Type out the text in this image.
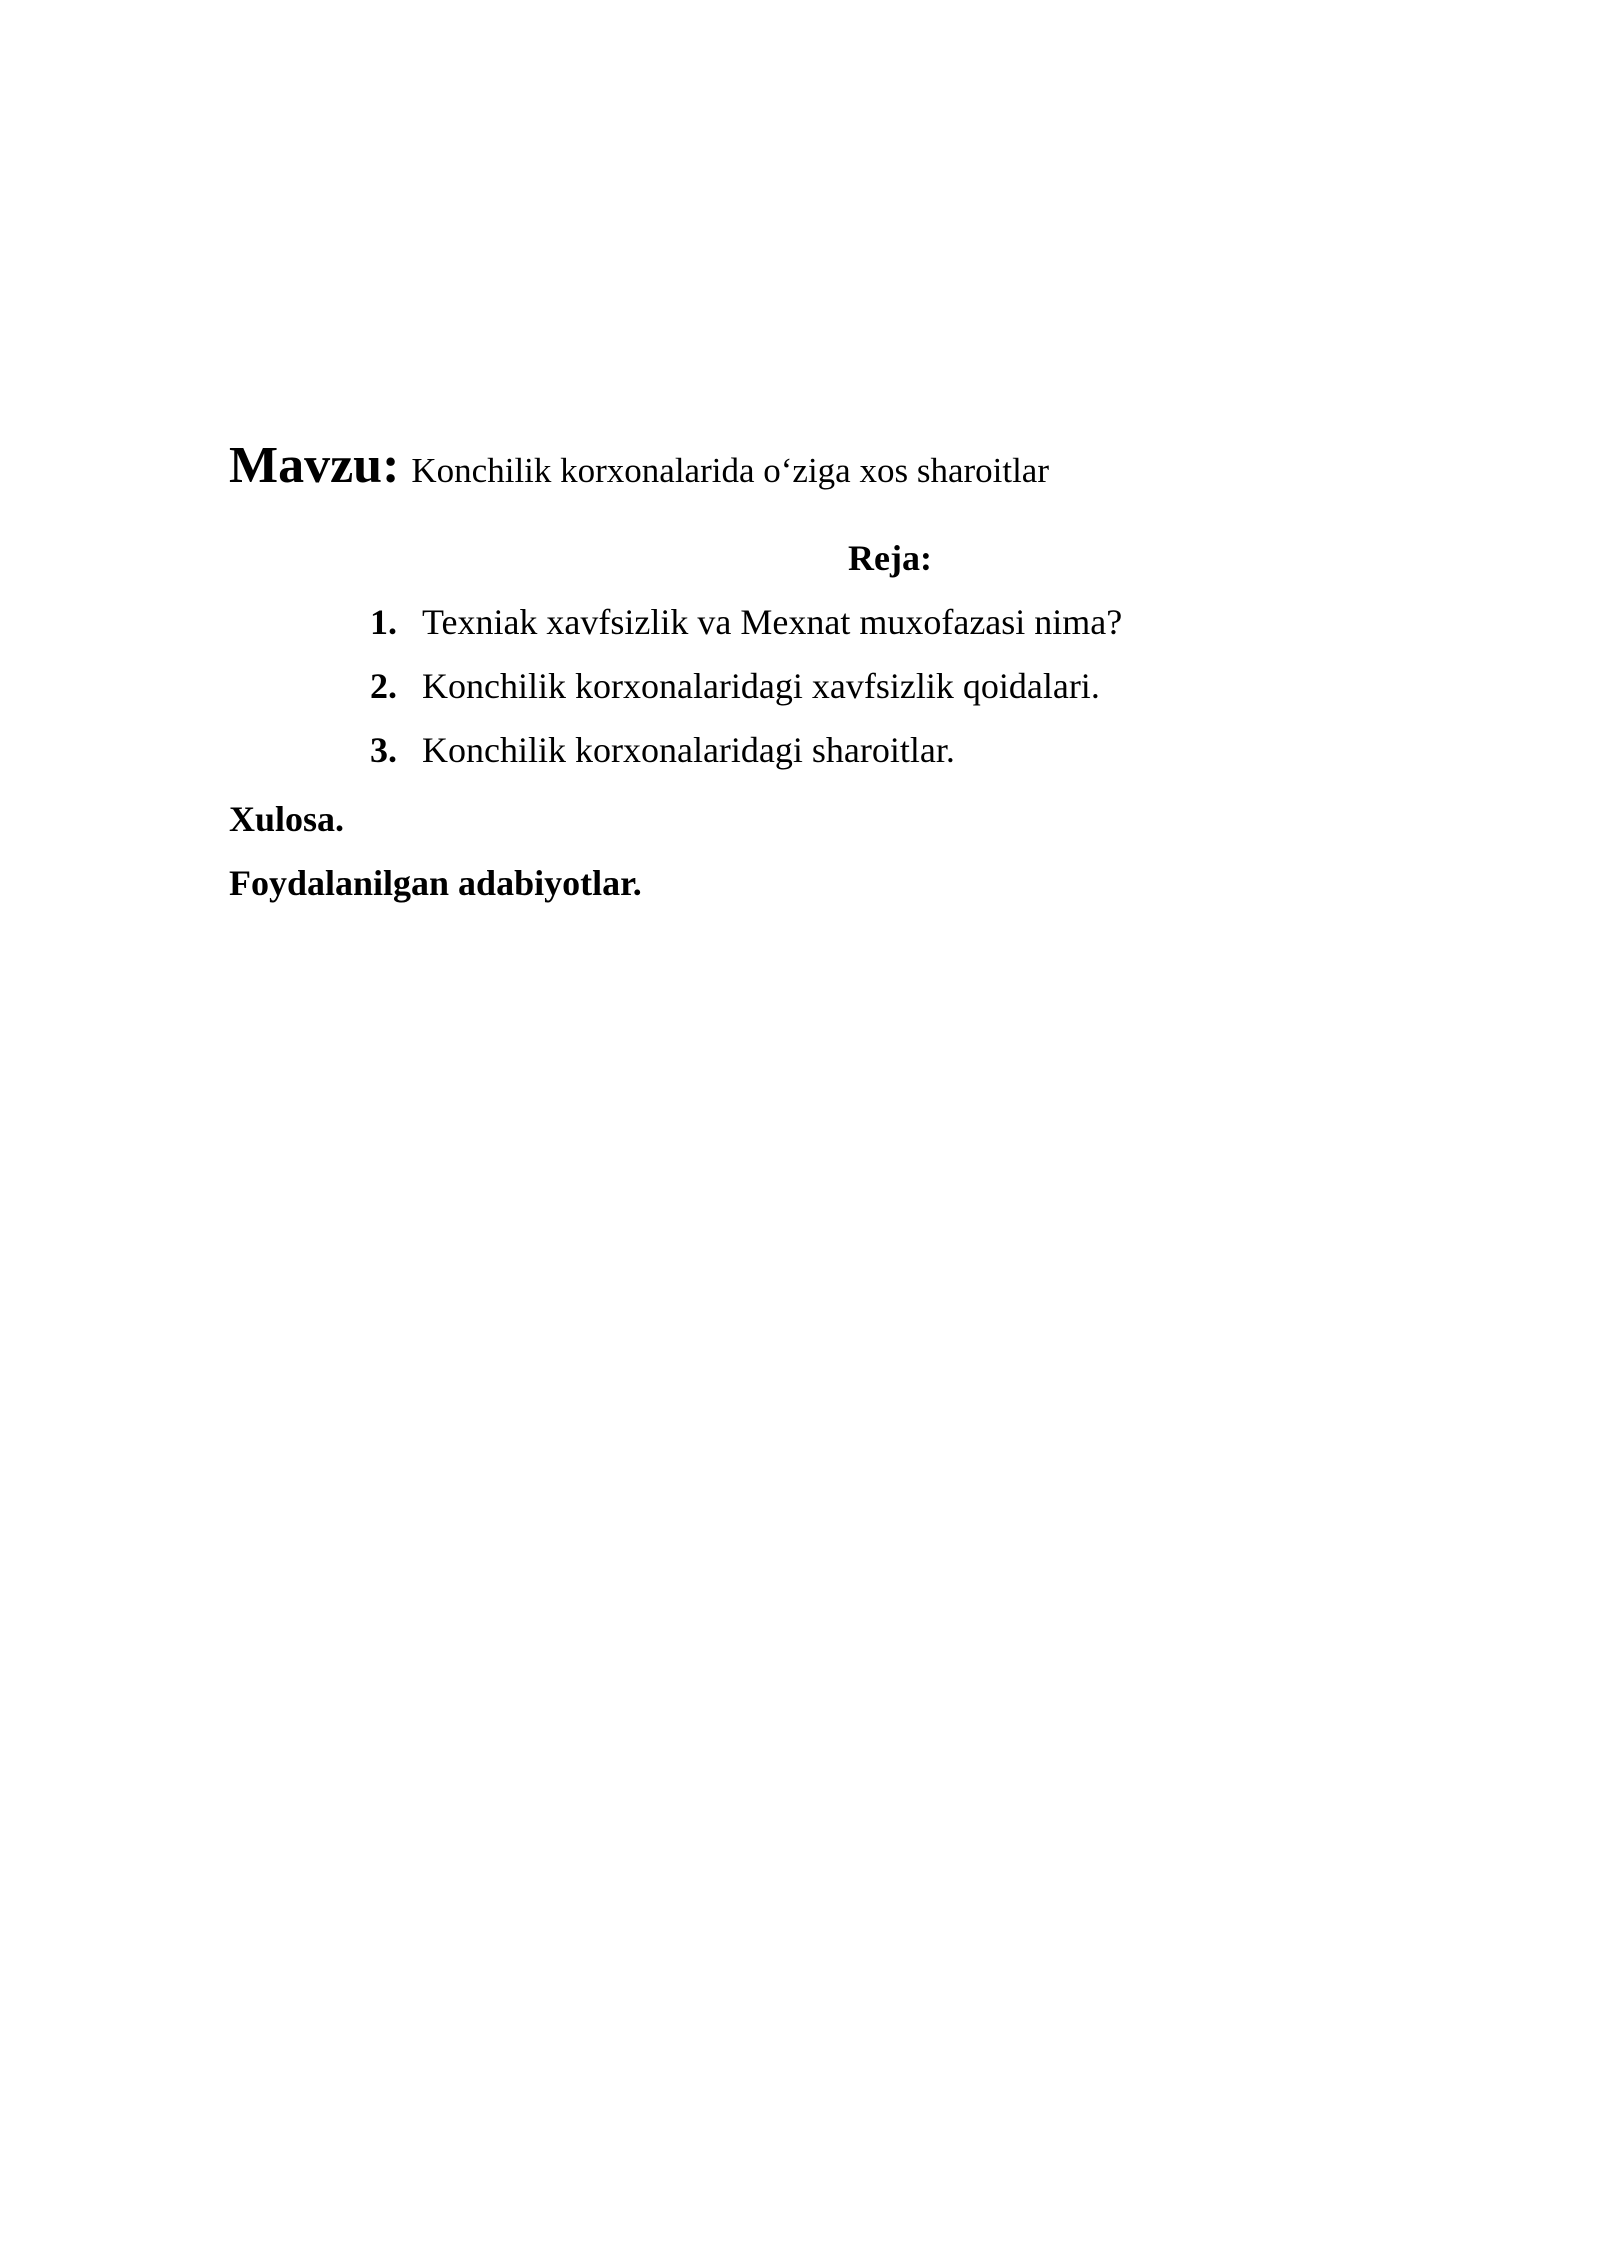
Mavzu: Konchilik korxonalarida o‘ziga xos sharoitlar
Reja:
1. Texniak xavfsizlik va Mexnat muxofazasi nima?
2. Konchilik korxonalaridagi xavfsizlik qoidalari.
3. Konchilik korxonalaridagi sharoitlar.
Xulosa.
Foydalanilgan adabiyotlar.
